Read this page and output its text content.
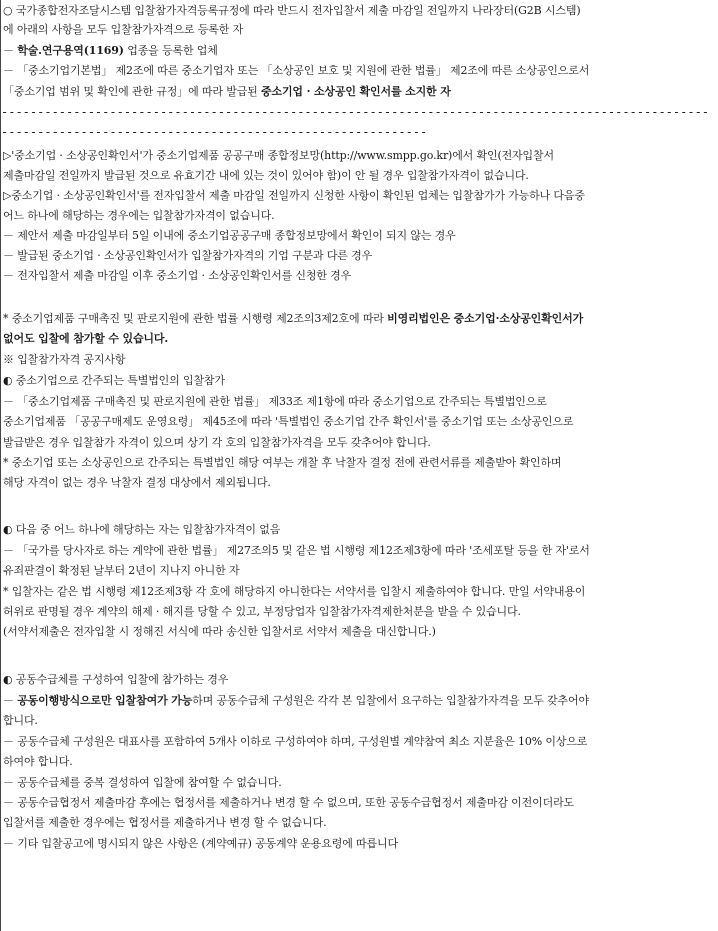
○ 국가종합전자조달시스템 입찰참가자격등록규정에 따라 반드시 전자입찰서 제출 마감일 전일까지 나라장터(G2B 시스템)
에 아래의 사항을 모두 입찰참가자격으로 등록한 자
－ 학술.연구용역(1169) 업종을 등록한 업체
－ 「중소기업기본법」 제2조에 따른 중소기업자 또는 「소상공인 보호 및 지원에 관한 법률」 제2조에 따른 소상공인으로서
「중소기업 범위 및 확인에 관한 규정」에 따라 발급된 중소기업 · 소상공인 확인서를 소지한 자
--------------------------------------------------------------------------------------------------
-----------------------------------------------------------
▷'중소기업 · 소상공인확인서'가 중소기업제품 공공구매 종합정보망(http://www.smpp.go.kr)에서 확인(전자입찰서
제출마감일 전일까지 발급된 것으로 유효기간 내에 있는 것이 있어야 함)이 안 될 경우 입찰참가자격이 없습니다.
▷중소기업 · 소상공인확인서'를 전자입찰서 제출 마감일 전일까지 신청한 사항이 확인된 업체는 입찰참가가 가능하나 다음중
어느 하나에 해당하는 경우에는 입찰참가자격이 없습니다.
－ 제안서 제출 마감일부터 5일 이내에 중소기업공공구매 종합정보망에서 확인이 되지 않는 경우
－ 발급된 중소기업 · 소상공인확인서가 입찰참가자격의 기업 구분과 다른 경우
－ 전자입찰서 제출 마감일 이후 중소기업 · 소상공인확인서를 신청한 경우
* 중소기업제품 구매촉진 및 판로지원에 관한 법률 시행령 제2조의3제2호에 따라 비영리법인은 중소기업·소상공인확인서가
없어도 입찰에 참가할 수 있습니다.
※ 입찰참가자격 공지사항
◐ 중소기업으로 간주되는 특별법인의 입찰참가
－ 「중소기업제품 구매촉진 및 판로지원에 관한 법률」 제33조 제1항에 따라 중소기업으로 간주되는 특별법인으로
중소기업제품 「공공구매제도 운영요령」 제45조에 따라 '특별법인 중소기업 간주 확인서'를 중소기업 또는 소상공인으로
발급받은 경우 입찰참가 자격이 있으며 상기 각 호의 입찰참가자격을 모두 갖추어야 합니다.
* 중소기업 또는 소상공인으로 간주되는 특별법인 해당 여부는 개찰 후 낙찰자 결정 전에 관련서류를 제출받아 확인하며
해당 자격이 없는 경우 낙찰자 결정 대상에서 제외됩니다.
◐ 다음 중 어느 하나에 해당하는 자는 입찰참가자격이 없음
－ 「국가를 당사자로 하는 계약에 관한 법률」 제27조의5 및 같은 법 시행령 제12조제3항에 따라 '조세포탈 등을 한 자'로서
유죄판결이 확정된 날부터 2년이 지나지 아니한 자
* 입찰자는 같은 법 시행령 제12조제3항 각 호에 해당하지 아니한다는 서약서를 입찰시 제출하여야 합니다. 만일 서약내용이
허위로 판명될 경우 계약의 해제 · 해지를 당할 수 있고, 부정당업자 입찰참가자격제한처분을 받을 수 있습니다.
(서약서제출은 전자입찰 시 정해진 서식에 따라 송신한 입찰서로 서약서 제출을 대신합니다.)
◐ 공동수급체를 구성하여 입찰에 참가하는 경우
－ 공동이행방식으로만 입찰참여가 가능하며 공동수급체 구성원은 각각 본 입찰에서 요구하는 입찰참가자격을 모두 갖추어야
합니다.
－ 공동수급체 구성원은 대표사를 포함하여 5개사 이하로 구성하여야 하며, 구성원별 계약참여 최소 지분율은 10% 이상으로
하여야 합니다.
－ 공동수급체를 중복 결성하여 입찰에 참여할 수 없습니다.
－ 공동수급협정서 제출마감 후에는 협정서를 제출하거나 변경 할 수 없으며, 또한 공동수급협정서 제출마감 이전이더라도
입찰서를 제출한 경우에는 협정서를 제출하거나 변경 할 수 없습니다.
－ 기타 입찰공고에 명시되지 않은 사항은 (계약예규) 공동계약 운용요령에 따릅니다
